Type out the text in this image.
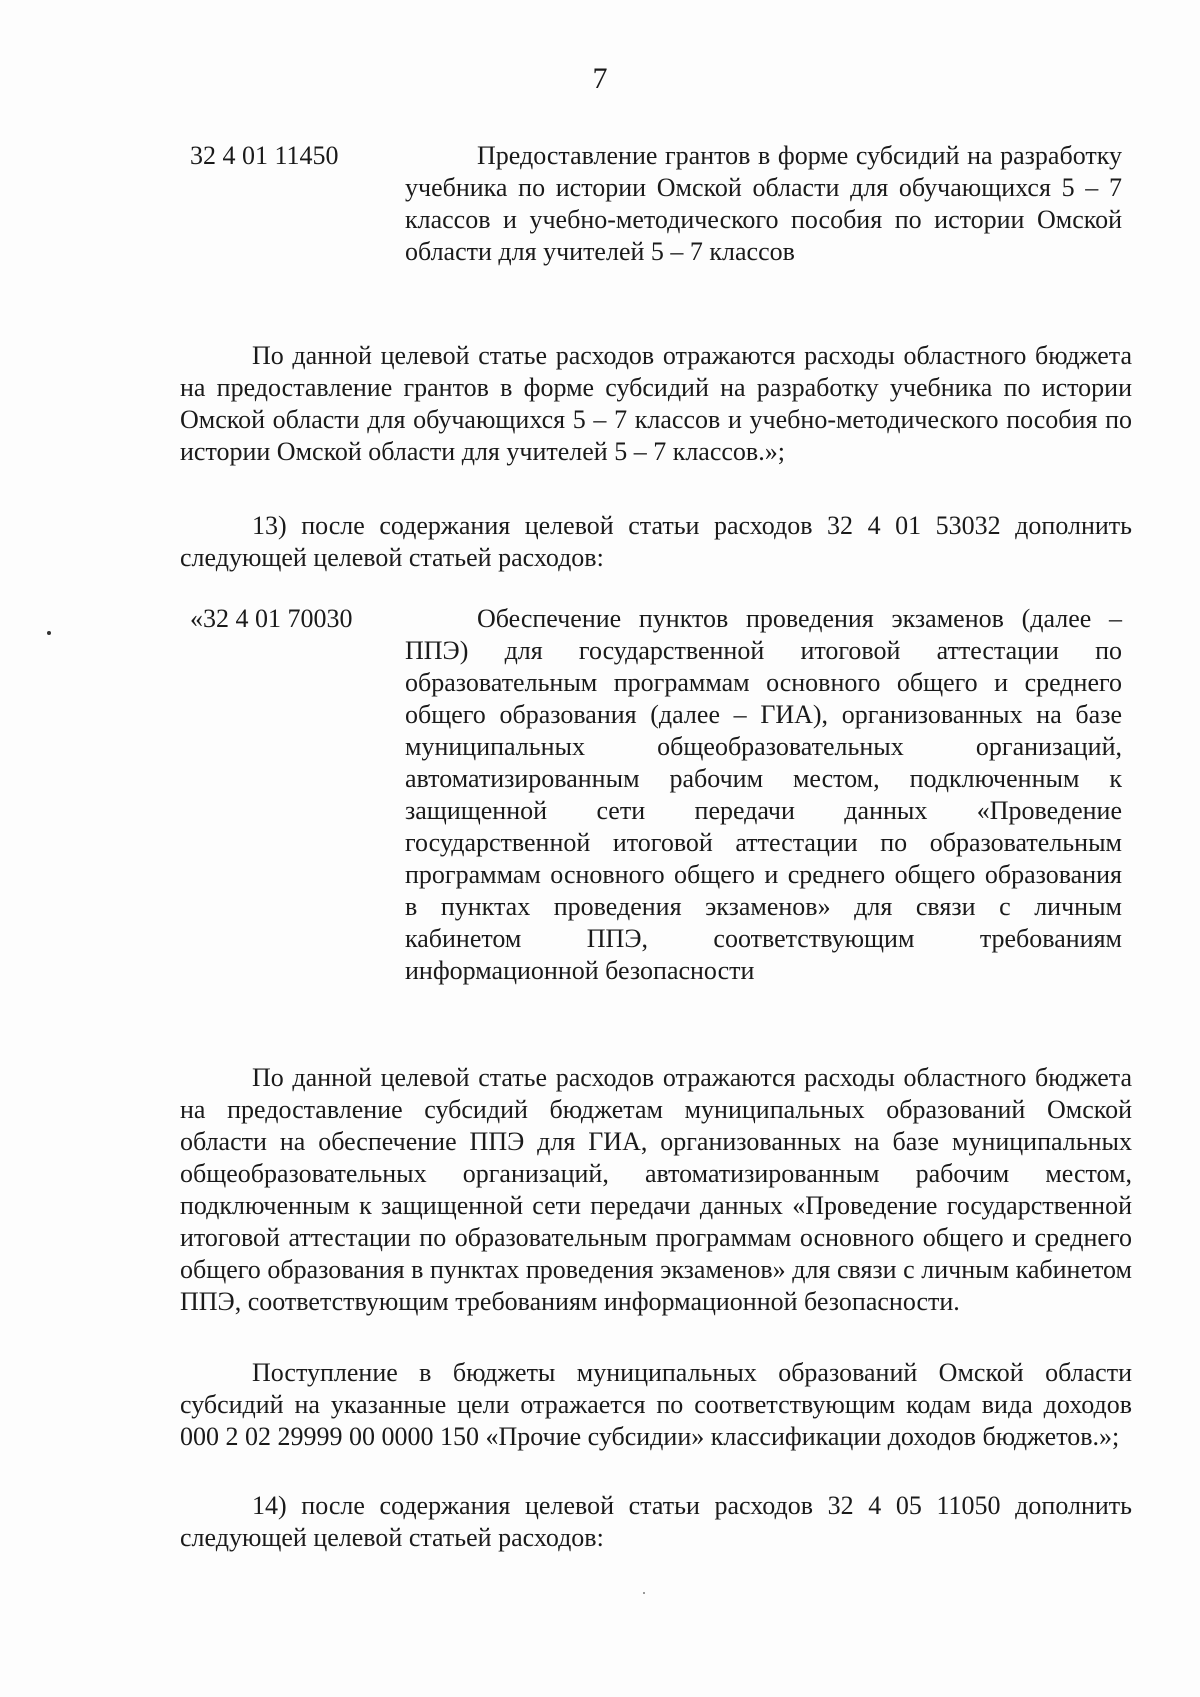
7
32 4 01 11450	Предоставление грантов в форме субсидий на разработку учебника по истории Омской области для обучающихся 5 – 7 классов и учебно-методического пособия по истории Омской области для учителей 5 – 7 классов

По данной целевой статье расходов отражаются расходы областного бюджета на предоставление грантов в форме субсидий на разработку учебника по истории Омской области для обучающихся 5 – 7 классов и учебно-методического пособия по истории Омской области для учителей 5 – 7 классов.»;

13) после содержания целевой статьи расходов 32 4 01 53032 дополнить следующей целевой статьей расходов:

«32 4 01 70030	Обеспечение пунктов проведения экзаменов (далее – ППЭ) для государственной итоговой аттестации по образовательным программам основного общего и среднего общего образования (далее – ГИА), организованных на базе муниципальных общеобразовательных организаций, автоматизированным рабочим местом, подключенным к защищенной сети передачи данных «Проведение государственной итоговой аттестации по образовательным программам основного общего и среднего общего образования в пунктах проведения экзаменов» для связи с личным кабинетом ППЭ, соответствующим требованиям информационной безопасности

По данной целевой статье расходов отражаются расходы областного бюджета на предоставление субсидий бюджетам муниципальных образований Омской области на обеспечение ППЭ для ГИА, организованных на базе муниципальных общеобразовательных организаций, автоматизированным рабочим местом, подключенным к защищенной сети передачи данных «Проведение государственной итоговой аттестации по образовательным программам основного общего и среднего общего образования в пунктах проведения экзаменов» для связи с личным кабинетом ППЭ, соответствующим требованиям информационной безопасности.

Поступление в бюджеты муниципальных образований Омской области субсидий на указанные цели отражается по соответствующим кодам вида доходов 000 2 02 29999 00 0000 150 «Прочие субсидии» классификации доходов бюджетов.»;

14) после содержания целевой статьи расходов 32 4 05 11050 дополнить следующей целевой статьей расходов:
